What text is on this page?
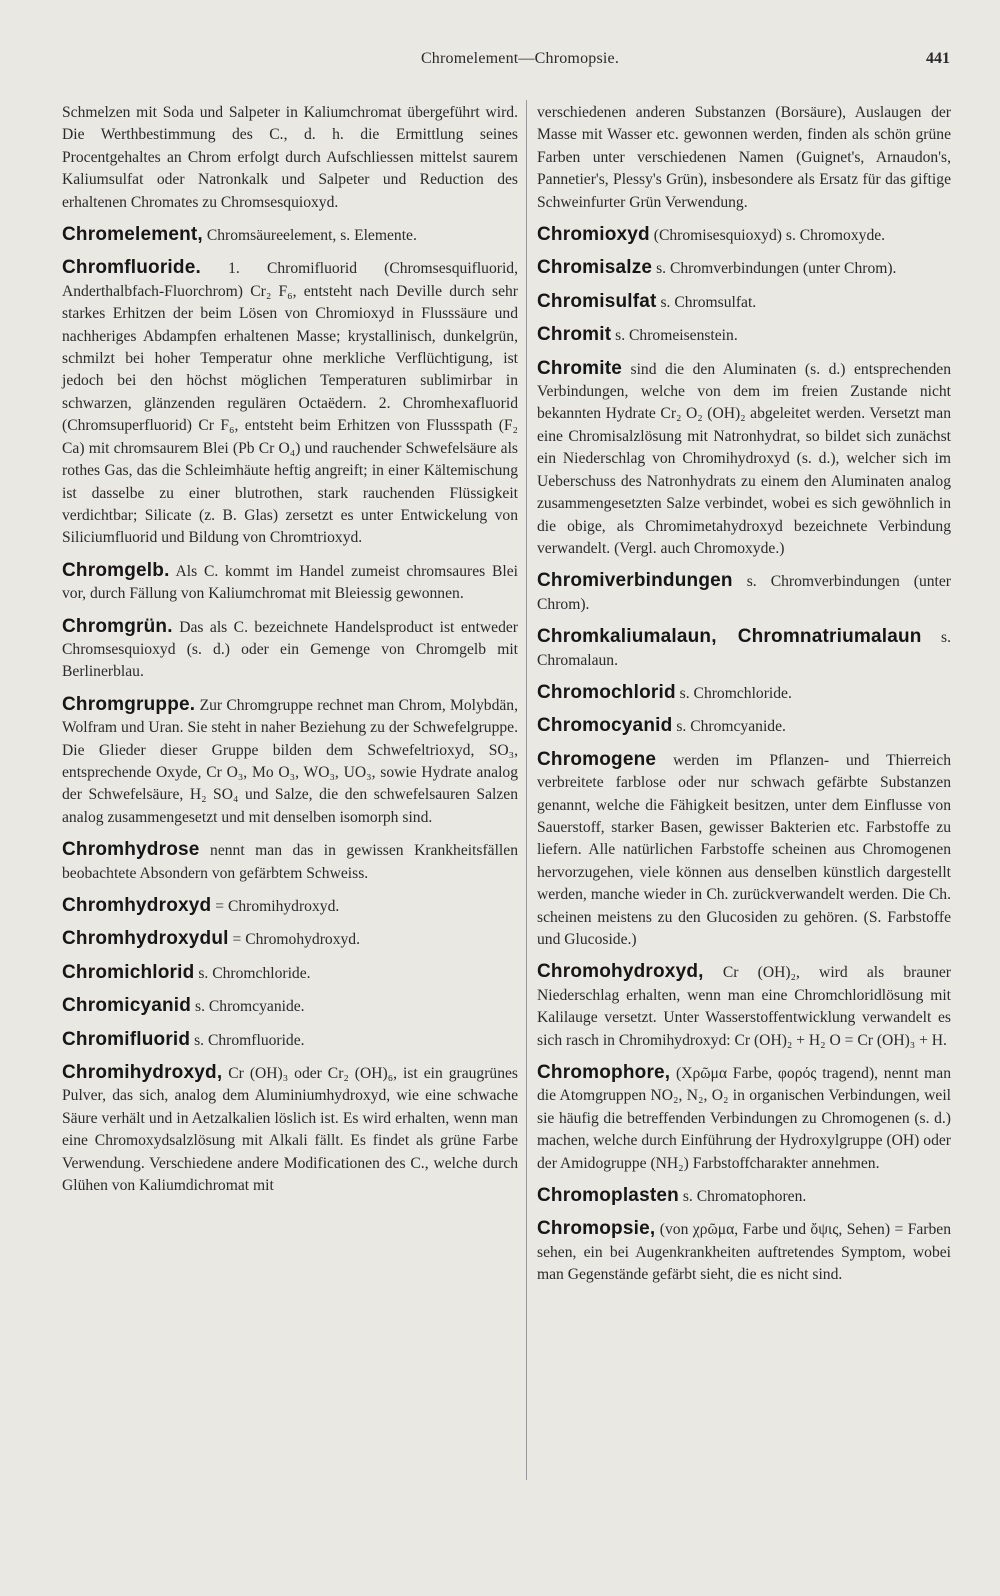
Chromelement—Chromopsie.	441

Schmelzen mit Soda und Salpeter in Kaliumchromat übergeführt wird. Die Werthbestimmung des C., d. h. die Ermittlung seines Procentgehaltes an Chrom erfolgt durch Aufschliessen mittelst saurem Kaliumsulfat oder Natronkalk und Salpeter und Reduction des erhaltenen Chromates zu Chromsesquioxyd.

Chromelement, Chromsäureelement, s. Elemente.

Chromfluoride. 1. Chromifluorid (Chromsesquifluorid, Anderthalbfach-Fluorchrom) Cr₂ F₆, entsteht nach Deville durch sehr starkes Erhitzen der beim Lösen von Chromioxyd in Flusssäure und nachheriges Abdampfen erhaltenen Masse; krystallinisch, dunkelgrün, schmilzt bei hoher Temperatur ohne merkliche Verflüchtigung, ist jedoch bei den höchst möglichen Temperaturen sublimirbar in schwarzen, glänzenden regulären Octaëdern. 2. Chromhexafluorid (Chromsuperfluorid) Cr F₆, entsteht beim Erhitzen von Flussspath (F₂ Ca) mit chromsaurem Blei (Pb Cr O₄) und rauchender Schwefelsäure als rothes Gas, das die Schleimhäute heftig angreift; in einer Kältemischung ist dasselbe zu einer blutrothen, stark rauchenden Flüssigkeit verdichtbar; Silicate (z. B. Glas) zersetzt es unter Entwickelung von Siliciumfluorid und Bildung von Chromtrioxyd.

Chromgelb. Als C. kommt im Handel zumeist chromsaures Blei vor, durch Fällung von Kaliumchromat mit Bleiessig gewonnen.

Chromgrün. Das als C. bezeichnete Handelsproduct ist entweder Chromsesquioxyd (s. d.) oder ein Gemenge von Chromgelb mit Berlinerblau.

Chromgruppe. Zur Chromgruppe rechnet man Chrom, Molybdän, Wolfram und Uran. Sie steht in naher Beziehung zu der Schwefelgruppe. Die Glieder dieser Gruppe bilden dem Schwefeltrioxyd, SO₃, entsprechende Oxyde, Cr O₃, Mo O₃, WO₃, UO₃, sowie Hydrate analog der Schwefelsäure, H₂ SO₄ und Salze, die den schwefelsauren Salzen analog zusammengesetzt und mit denselben isomorph sind.

Chromhydrose nennt man das in gewissen Krankheitsfällen beobachtete Absondern von gefärbtem Schweiss.

Chromhydroxyd = Chromihydroxyd.

Chromhydroxydul = Chromohydroxyd.

Chromichlorid s. Chromchloride.

Chromicyanid s. Chromcyanide.

Chromifluorid s. Chromfluoride.

Chromihydroxyd, Cr (OH)₃ oder Cr₂ (OH)₆, ist ein graugrünes Pulver, das sich, analog dem Aluminiumhydroxyd, wie eine schwache Säure verhält und in Aetzalkalien löslich ist. Es wird erhalten, wenn man eine Chromoxydsalzlösung mit Alkali fällt. Es findet als grüne Farbe Verwendung. Verschiedene andere Modificationen des C., welche durch Glühen von Kaliumdichromat mit

verschiedenen anderen Substanzen (Borsäure), Auslaugen der Masse mit Wasser etc. gewonnen werden, finden als schön grüne Farben unter verschiedenen Namen (Guignet's, Arnaudon's, Pannetier's, Plessy's Grün), insbesondere als Ersatz für das giftige Schweinfurter Grün Verwendung.

Chromioxyd (Chromisesquioxyd) s. Chromoxyde.

Chromisalze s. Chromverbindungen (unter Chrom).

Chromisulfat s. Chromsulfat.

Chromit s. Chromeisenstein.

Chromite sind die den Aluminaten (s. d.) entsprechenden Verbindungen, welche von dem im freien Zustande nicht bekannten Hydrate Cr₂ O₂ (OH)₂ abgeleitet werden. Versetzt man eine Chromisalzlösung mit Natronhydrat, so bildet sich zunächst ein Niederschlag von Chromihydroxyd (s. d.), welcher sich im Ueberschuss des Natronhydrats zu einem den Aluminaten analog zusammengesetzten Salze verbindet, wobei es sich gewöhnlich in die obige, als Chromimetahydroxyd bezeichnete Verbindung verwandelt. (Vergl. auch Chromoxyde.)

Chromiverbindungen s. Chromverbindungen (unter Chrom).

Chromkaliumalaun, Chromnatriumalaun s. Chromalaun.

Chromochlorid s. Chromchloride.

Chromocyanid s. Chromcyanide.

Chromogene werden im Pflanzen- und Thierreich verbreitete farblose oder nur schwach gefärbte Substanzen genannt, welche die Fähigkeit besitzen, unter dem Einflusse von Sauerstoff, starker Basen, gewisser Bakterien etc. Farbstoffe zu liefern. Alle natürlichen Farbstoffe scheinen aus Chromogenen hervorzugehen, viele können aus denselben künstlich dargestellt werden, manche wieder in Ch. zurückverwandelt werden. Die Ch. scheinen meistens zu den Glucosiden zu gehören. (S. Farbstoffe und Glucoside.)

Chromohydroxyd, Cr (OH)₂, wird als brauner Niederschlag erhalten, wenn man eine Chromchloridlösung mit Kalilauge versetzt. Unter Wasserstoffentwicklung verwandelt es sich rasch in Chromihydroxyd: Cr (OH)₂ + H₂ O = Cr (OH)₃ + H.

Chromophore, (Χρῶμα Farbe, φορός tragend), nennt man die Atomgruppen NO₂, N₂, O₂ in organischen Verbindungen, weil sie häufig die betreffenden Verbindungen zu Chromogenen (s. d.) machen, welche durch Einführung der Hydroxylgruppe (OH) oder der Amidogruppe (NH₂) Farbstoffcharakter annehmen.

Chromoplasten s. Chromatophoren.

Chromopsie, (von χρῶμα, Farbe und ὄψις, Sehen) = Farben sehen, ein bei Augenkrankheiten auftretendes Symptom, wobei man Gegenstände gefärbt sieht, die es nicht sind.
